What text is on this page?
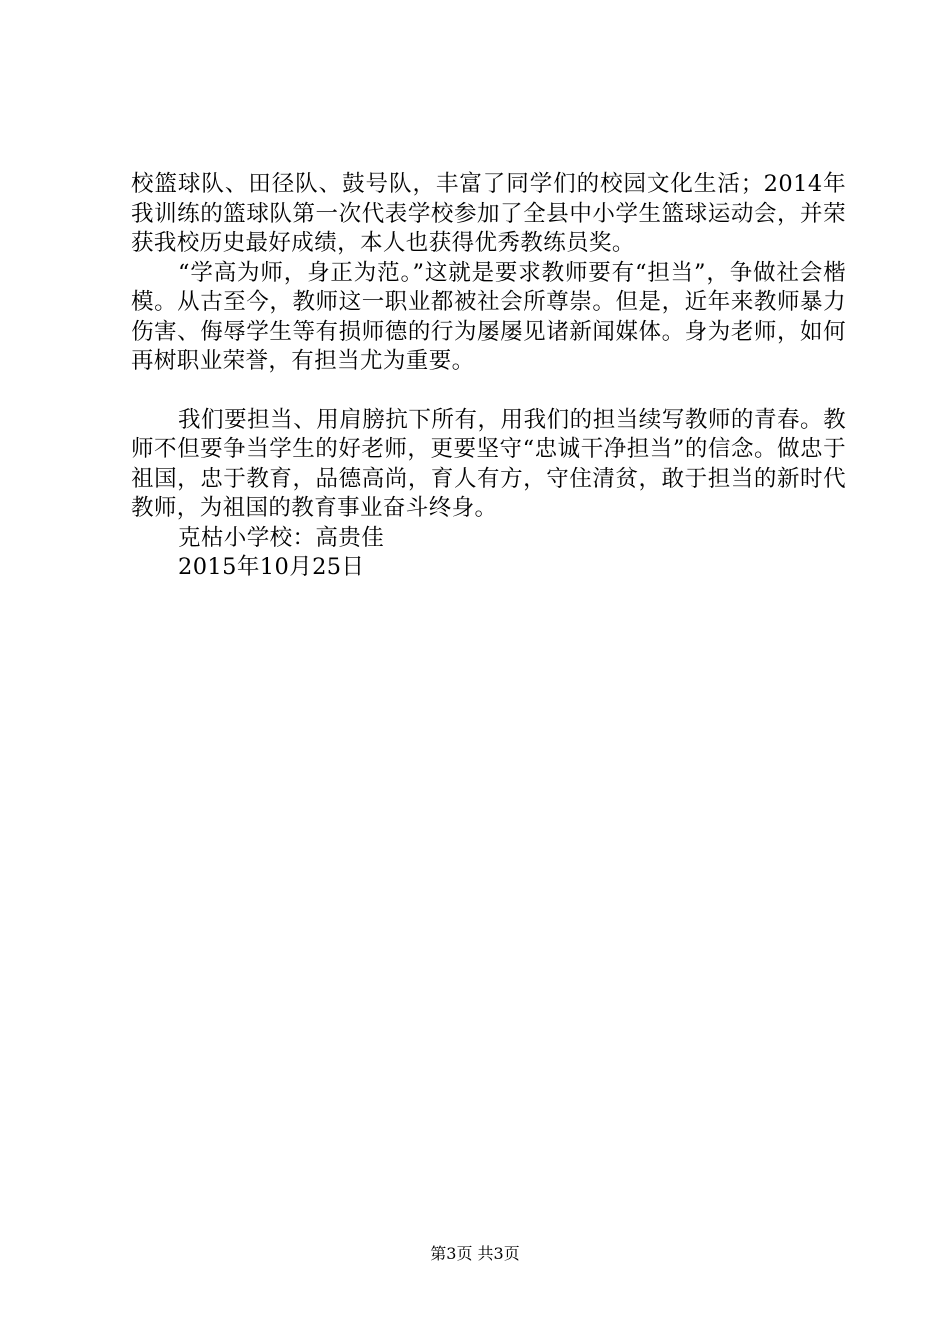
校篮球队、田径队、鼓号队，丰富了同学们的校园文化生活；2014年我训练的篮球队第一次代表学校参加了全县中小学生篮球运动会，并荣获我校历史最好成绩，本人也获得优秀教练员奖。

“学高为师，身正为范。”这就是要求教师要有“担当”，争做社会楷模。从古至今，教师这一职业都被社会所尊崇。但是，近年来教师暴力伤害、侮辱学生等有损师德的行为屡屡见诸新闻媒体。身为老师，如何再树职业荣誉，有担当尤为重要。

我们要担当、用肩膀抗下所有，用我们的担当续写教师的青春。教师不但要争当学生的好老师，更要坚守“忠诚干净担当”的信念。做忠于祖国，忠于教育，品德高尚，育人有方，守住清贫，敢于担当的新时代教师，为祖国的教育事业奋斗终身。

克枯小学校：高贵佳

2015年10月25日

第3页 共3页
